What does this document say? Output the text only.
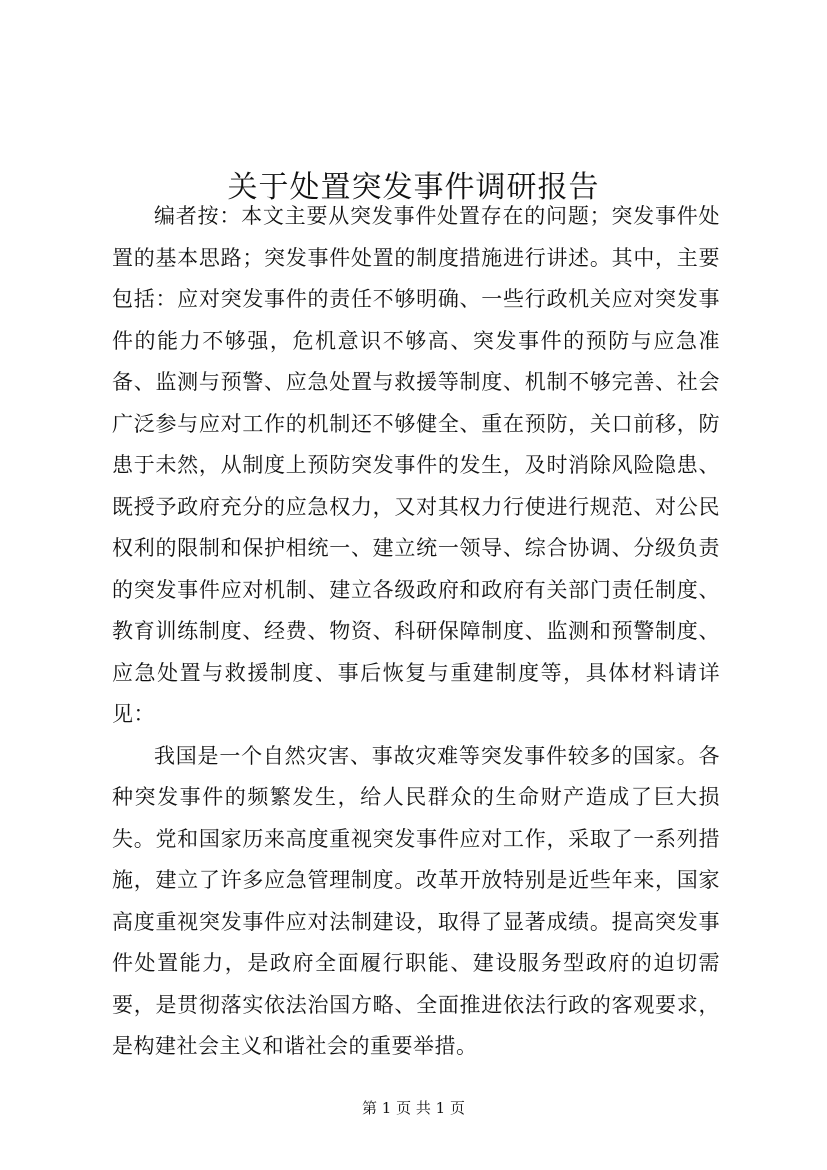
关于处置突发事件调研报告

编者按：本文主要从突发事件处置存在的问题；突发事件处置的基本思路；突发事件处置的制度措施进行讲述。其中，主要包括：应对突发事件的责任不够明确、一些行政机关应对突发事件的能力不够强，危机意识不够高、突发事件的预防与应急准备、监测与预警、应急处置与救援等制度、机制不够完善、社会广泛参与应对工作的机制还不够健全、重在预防，关口前移，防患于未然，从制度上预防突发事件的发生，及时消除风险隐患、既授予政府充分的应急权力，又对其权力行使进行规范、对公民权利的限制和保护相统一、建立统一领导、综合协调、分级负责的突发事件应对机制、建立各级政府和政府有关部门责任制度、教育训练制度、经费、物资、科研保障制度、监测和预警制度、应急处置与救援制度、事后恢复与重建制度等，具体材料请详见：

我国是一个自然灾害、事故灾难等突发事件较多的国家。各种突发事件的频繁发生，给人民群众的生命财产造成了巨大损失。党和国家历来高度重视突发事件应对工作，采取了一系列措施，建立了许多应急管理制度。改革开放特别是近些年来，国家高度重视突发事件应对法制建设，取得了显著成绩。提高突发事件处置能力，是政府全面履行职能、建设服务型政府的迫切需要，是贯彻落实依法治国方略、全面推进依法行政的客观要求，是构建社会主义和谐社会的重要举措。

第 1 页 共 1 页
